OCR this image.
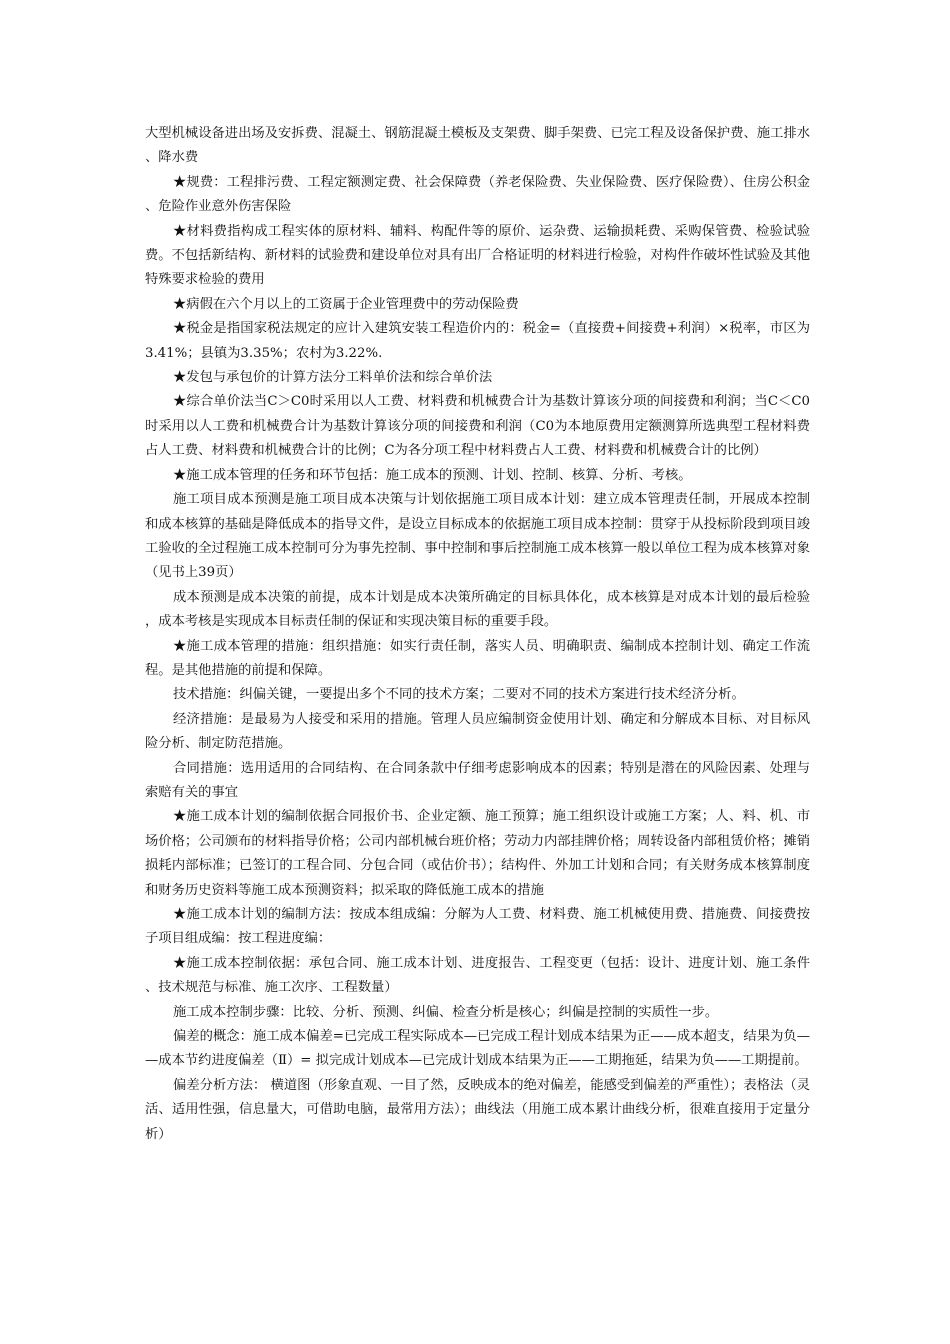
大型机械设备进出场及安拆费、混凝土、钢筋混凝土模板及支架费、脚手架费、已完工程及设备保护费、施工排水、降水费

★规费：工程排污费、工程定额测定费、社会保障费（养老保险费、失业保险费、医疗保险费）、住房公积金、危险作业意外伤害保险

★材料费指构成工程实体的原材料、辅料、构配件等的原价、运杂费、运输损耗费、采购保管费、检验试验费。不包括新结构、新材料的试验费和建设单位对具有出厂合格证明的材料进行检验，对构件作破坏性试验及其他特殊要求检验的费用

★病假在六个月以上的工资属于企业管理费中的劳动保险费

★税金是指国家税法规定的应计入建筑安装工程造价内的：税金=（直接费+间接费+利润）×税率，市区为3.41%；县镇为3.35%；农村为3.22%.

★发包与承包价的计算方法分工料单价法和综合单价法

★综合单价法当C＞C0时采用以人工费、材料费和机械费合计为基数计算该分项的间接费和利润；当C＜C0时采用以人工费和机械费合计为基数计算该分项的间接费和利润（C0为本地原费用定额测算所选典型工程材料费占人工费、材料费和机械费合计的比例；C为各分项工程中材料费占人工费、材料费和机械费合计的比例）

★施工成本管理的任务和环节包括：施工成本的预测、计划、控制、核算、分析、考核。

施工项目成本预测是施工项目成本决策与计划依据施工项目成本计划：建立成本管理责任制，开展成本控制和成本核算的基础是降低成本的指导文件，是设立目标成本的依据施工项目成本控制：贯穿于从投标阶段到项目竣工验收的全过程施工成本控制可分为事先控制、事中控制和事后控制施工成本核算一般以单位工程为成本核算对象（见书上39页）

成本预测是成本决策的前提，成本计划是成本决策所确定的目标具体化，成本核算是对成本计划的最后检验，成本考核是实现成本目标责任制的保证和实现决策目标的重要手段。

★施工成本管理的措施：组织措施：如实行责任制，落实人员、明确职责、编制成本控制计划、确定工作流程。是其他措施的前提和保障。

技术措施：纠偏关键，一要提出多个不同的技术方案；二要对不同的技术方案进行技术经济分析。

经济措施：是最易为人接受和采用的措施。管理人员应编制资金使用计划、确定和分解成本目标、对目标风险分析、制定防范措施。

合同措施：选用适用的合同结构、在合同条款中仔细考虑影响成本的因素；特别是潜在的风险因素、处理与索赔有关的事宜

★施工成本计划的编制依据合同报价书、企业定额、施工预算；施工组织设计或施工方案；人、料、机、市场价格；公司颁布的材料指导价格；公司内部机械台班价格；劳动力内部挂牌价格；周转设备内部租赁价格；摊销损耗内部标准；已签订的工程合同、分包合同（或估价书）；结构件、外加工计划和合同；有关财务成本核算制度和财务历史资料等施工成本预测资料；拟采取的降低施工成本的措施

★施工成本计划的编制方法：按成本组成编：分解为人工费、材料费、施工机械使用费、措施费、间接费按子项目组成编：按工程进度编：

★施工成本控制依据：承包合同、施工成本计划、进度报告、工程变更（包括：设计、进度计划、施工条件、技术规范与标准、施工次序、工程数量）

施工成本控制步骤：比较、分析、预测、纠偏、检查分析是核心；纠偏是控制的实质性一步。

偏差的概念：施工成本偏差=已完成工程实际成本—已完成工程计划成本结果为正——成本超支，结果为负——成本节约进度偏差（Ⅱ）= 拟完成计划成本—已完成计划成本结果为正——工期拖延，结果为负——工期提前。

偏差分析方法： 横道图（形象直观、一目了然，反映成本的绝对偏差，能感受到偏差的严重性）；表格法（灵活、适用性强，信息量大，可借助电脑，最常用方法）；曲线法（用施工成本累计曲线分析，很难直接用于定量分析）
